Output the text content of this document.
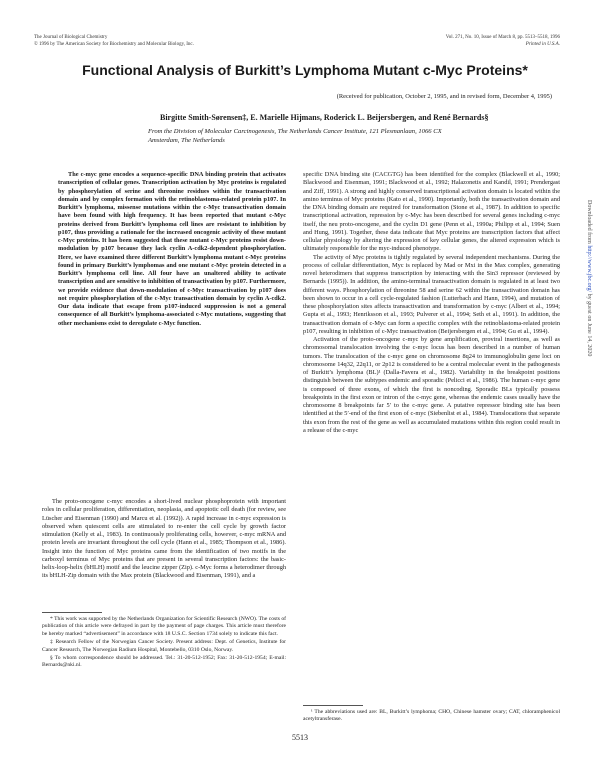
The Journal of Biological Chemistry
© 1996 by The American Society for Biochemistry and Molecular Biology, Inc.
Vol. 271, No. 10, Issue of March 8, pp. 5513–5518, 1996
Printed in U.S.A.
Downloaded from http://www.jbc.org/ by guest on June 14, 2020
Functional Analysis of Burkitt’s Lymphoma Mutant c-Myc Proteins*
(Received for publication, October 2, 1995, and in revised form, December 4, 1995)
Birgitte Smith-Sørensen‡, E. Marielle Hijmans, Roderick L. Beijersbergen, and René Bernards§
From the Division of Molecular Carcinogenesis, The Netherlands Cancer Institute, 121 Plesmanlaan, 1066 CX Amsterdam, The Netherlands
The c-myc gene encodes a sequence-specific DNA binding protein that activates transcription of cellular genes. Transcription activation by Myc proteins is regulated by phosphorylation of serine and threonine residues within the transactivation domain and by complex formation with the retinoblastoma-related protein p107. In Burkitt’s lymphoma, missense mutations within the c-Myc transactivation domain have been found with high frequency. It has been reported that mutant c-Myc proteins derived from Burkitt’s lymphoma cell lines are resistant to inhibition by p107, thus providing a rationale for the increased oncogenic activity of these mutant c-Myc proteins. It has been suggested that these mutant c-Myc proteins resist down-modulation by p107 because they lack cyclin A-cdk2-dependent phosphorylation. Here, we have examined three different Burkitt’s lymphoma mutant c-Myc proteins found in primary Burkitt’s lymphomas and one mutant c-Myc protein detected in a Burkitt’s lymphoma cell line. All four have an unaltered ability to activate transcription and are sensitive to inhibition of transactivation by p107. Furthermore, we provide evidence that down-modulation of c-Myc transactivation by p107 does not require phosphorylation of the c-Myc transactivation domain by cyclin A-cdk2. Our data indicate that escape from p107-induced suppression is not a general consequence of all Burkitt’s lymphoma-associated c-Myc mutations, suggesting that other mechanisms exist to deregulate c-Myc function.

The proto-oncogene c-myc encodes a short-lived nuclear phosphoprotein with important roles in cellular proliferation, differentiation, neoplasia, and apoptotic cell death (for review, see Lüscher and Eisenman (1990) and Marcu et al. (1992)). A rapid increase in c-myc expression is observed when quiescent cells are stimulated to re-enter the cell cycle by growth factor stimulation (Kelly et al., 1983). In continuously proliferating cells, however, c-myc mRNA and protein levels are invariant throughout the cell cycle (Hann et al., 1985; Thompson et al., 1986). Insight into the function of Myc proteins came from the identification of two motifs in the carboxyl terminus of Myc proteins that are present in several transcription factors: the basic-helix-loop-helix (bHLH) motif and the leucine zipper (Zip). c-Myc forms a heterodimer through its bHLH-Zip domain with the Max protein (Blackwood and Eisenman, 1991), and a

* This work was supported by the Netherlands Organization for Scientific Research (NWO). The costs of publication of this article were defrayed in part by the payment of page charges. This article must therefore be hereby marked “advertisement” in accordance with 18 U.S.C. Section 1734 solely to indicate this fact.

‡ Research Fellow of the Norwegian Cancer Society. Present address: Dept. of Genetics, Institute for Cancer Research, The Norwegian Radium Hospital, Montebello, 0310 Oslo, Norway.

§ To whom correspondence should be addressed. Tel.: 31-20-512-1952; Fax: 31-20-512-1954; E-mail: Bernards@nki.nl.

specific DNA binding site (CACGTG) has been identified for the complex (Blackwell et al., 1990; Blackwood and Eisenman, 1991; Blackwood et al., 1992; Halazonetis and Kandil, 1991; Prendergast and Ziff, 1991). A strong and highly conserved transcriptional activation domain is located within the amino terminus of Myc proteins (Kato et al., 1990). Importantly, both the transactivation domain and the DNA binding domain are required for transformation (Stone et al., 1987). In addition to specific transcriptional activation, repression by c-Myc has been described for several genes including c-myc itself, the neu proto-oncogene, and the cyclin D1 gene (Penn et al., 1990a; Philipp et al., 1994; Suen and Hung, 1991). Together, these data indicate that Myc proteins are transcription factors that affect cellular physiology by altering the expression of key cellular genes, the altered expression which is ultimately responsible for the myc-induced phenotype.

The activity of Myc proteins is tightly regulated by several independent mechanisms. During the process of cellular differentiation, Myc is replaced by Mad or Mxi in the Max complex, generating novel heterodimers that suppress transcription by interacting with the Sin3 repressor (reviewed by Bernards (1995)). In addition, the amino-terminal transactivation domain is regulated in at least two different ways. Phosphorylation of threonine 58 and serine 62 within the transactivation domain has been shown to occur in a cell cycle-regulated fashion (Lutterbach and Hann, 1994), and mutation of these phosphorylation sites affects transactivation and transformation by c-myc (Albert et al., 1994; Gupta et al., 1993; Henriksson et al., 1993; Pulverer et al., 1994; Seth et al., 1991). In addition, the transactivation domain of c-Myc can form a specific complex with the retinoblastoma-related protein p107, resulting in inhibition of c-Myc transactivation (Beijersbergen et al., 1994; Gu et al., 1994).

Activation of the proto-oncogene c-myc by gene amplification, proviral insertions, as well as chromosomal translocation involving the c-myc locus has been described in a number of human tumors. The translocation of the c-myc gene on chromosome 8q24 to immunoglobulin gene loci on chromosome 14q32, 22q11, or 2p12 is considered to be a central molecular event in the pathogenesis of Burkitt’s lymphoma (BL)¹ (Dalla-Favera et al., 1982). Variability in the breakpoint positions distinguish between the subtypes endemic and sporadic (Pelicci et al., 1986). The human c-myc gene is composed of three exons, of which the first is noncoding. Sporadic BLs typically possess breakpoints in the first exon or intron of the c-myc gene, whereas the endemic cases usually have the chromosome 8 breakpoints far 5′ to the c-myc gene. A putative repressor binding site has been identified at the 5′-end of the first exon of c-myc (Siebenlist et al., 1984). Translocations that separate this exon from the rest of the gene as well as accumulated mutations within this region could result in a release of the c-myc

¹ The abbreviations used are: BL, Burkitt’s lymphoma; CHO, Chinese hamster ovary; CAT, chloramphenicol acetyltransferase.
5513
